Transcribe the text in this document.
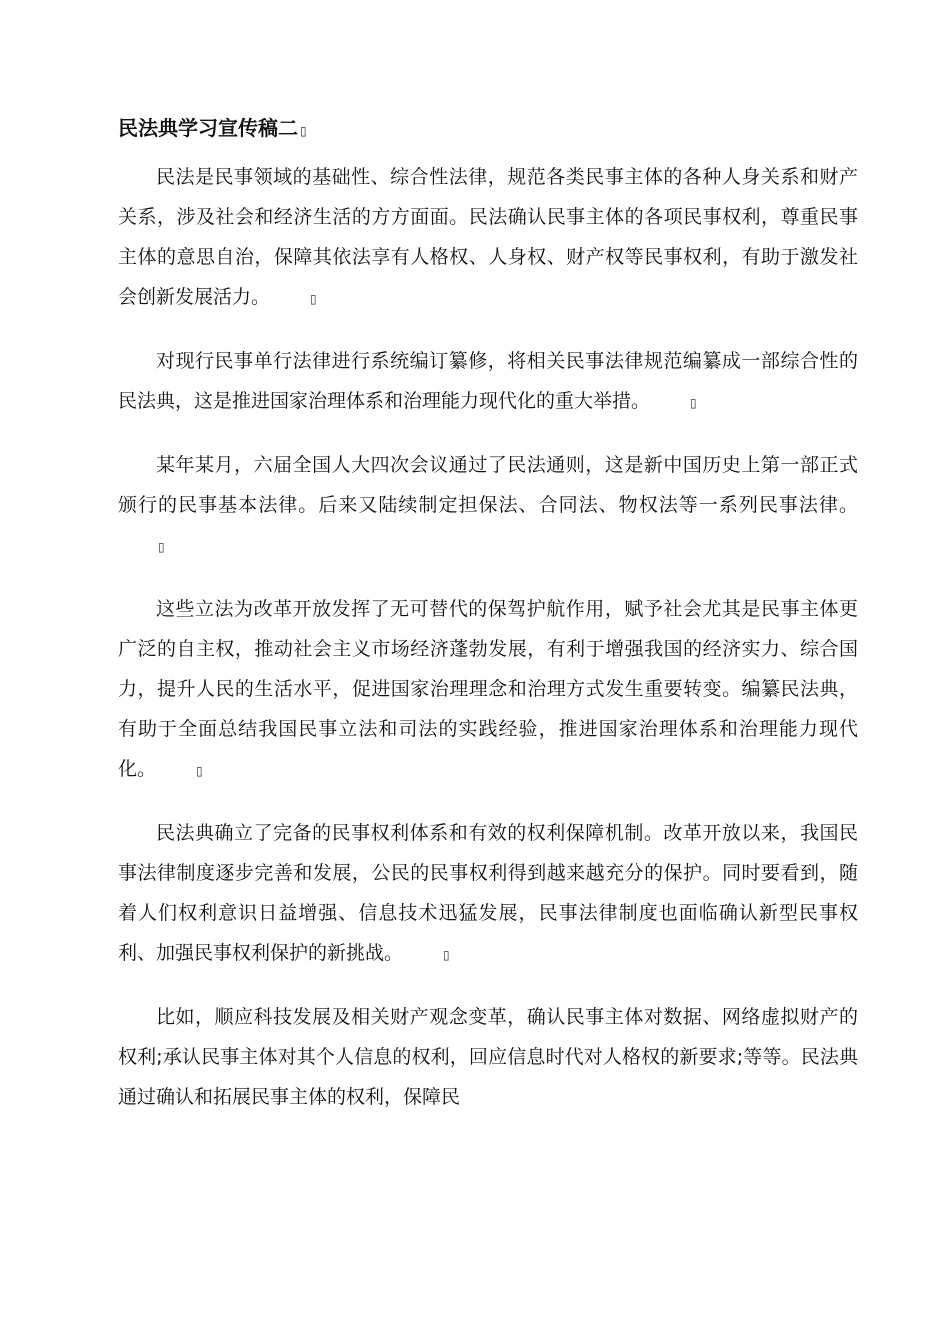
民法典学习宣传稿二 ▯

民法是民事领域的基础性、综合性法律，规范各类民事主体的各种人身关系和财产关系，涉及社会和经济生活的方方面面。民法确认民事主体的各项民事权利，尊重民事主体的意思自治，保障其依法享有人格权、人身权、财产权等民事权利，有助于激发社会创新发展活力。	▯

对现行民事单行法律进行系统编订纂修，将相关民事法律规范编纂成一部综合性的民法典，这是推进国家治理体系和治理能力现代化的重大举措。	▯

某年某月，六届全国人大四次会议通过了民法通则，这是新中国历史上第一部正式颁行的民事基本法律。后来又陆续制定担保法、合同法、物权法等一系列民事法律。▯

这些立法为改革开放发挥了无可替代的保驾护航作用，赋予社会尤其是民事主体更广泛的自主权，推动社会主义市场经济蓬勃发展，有利于增强我国的经济实力、综合国力，提升人民的生活水平，促进国家治理理念和治理方式发生重要转变。编纂民法典，有助于全面总结我国民事立法和司法的实践经验，推进国家治理体系和治理能力现代化。	▯

民法典确立了完备的民事权利体系和有效的权利保障机制。改革开放以来，我国民事法律制度逐步完善和发展，公民的民事权利得到越来越充分的保护。同时要看到，随着人们权利意识日益增强、信息技术迅猛发展，民事法律制度也面临确认新型民事权利、加强民事权利保护的新挑战。	▯

比如，顺应科技发展及相关财产观念变革，确认民事主体对数据、网络虚拟财产的权利;承认民事主体对其个人信息的权利，回应信息时代对人格权的新要求;等等。民法典通过确认和拓展民事主体的权利，保障民
